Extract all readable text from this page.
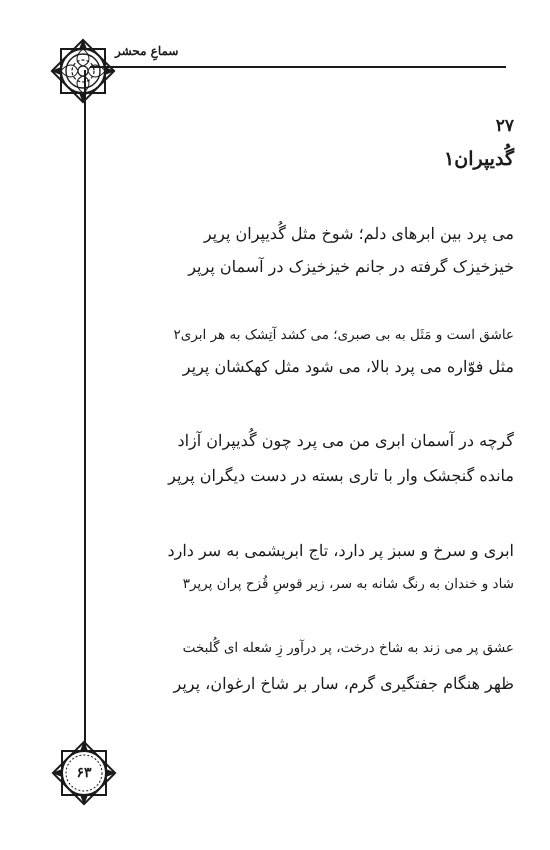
سماعِ محشر
۲۷
گُدیپران۱
می پرد بین ابرهای دلم؛ شوخ مثل گُدیپران پرپر
خیزخیزک گرفته در جانم خیزخیزک در آسمان پرپر
عاشق است و مَثَل به بی صبری؛ می کشد آتِشک به هر ابری۲
مثل فوّاره می پرد بالا، می شود مثل کهکشان پرپر
گرچه در آسمان ابری من می پرد چون گُدیپران آزاد
مانده گنجشک وار با تاری بسته در دست دیگران پرپر
ابری و سرخ و سبز پر دارد، تاج ابریشمی به سر دارد
شاد و خندان به رنگ شانه به سر، زیر قوسِ قُزح پران پرپر۳
عشق پر می زند به شاخ درخت، پر درآور زِ شعله ای گُلبخت
ظهر هنگام جفتگیری گرم، سار بر شاخ ارغوان، پرپر
۶۳
